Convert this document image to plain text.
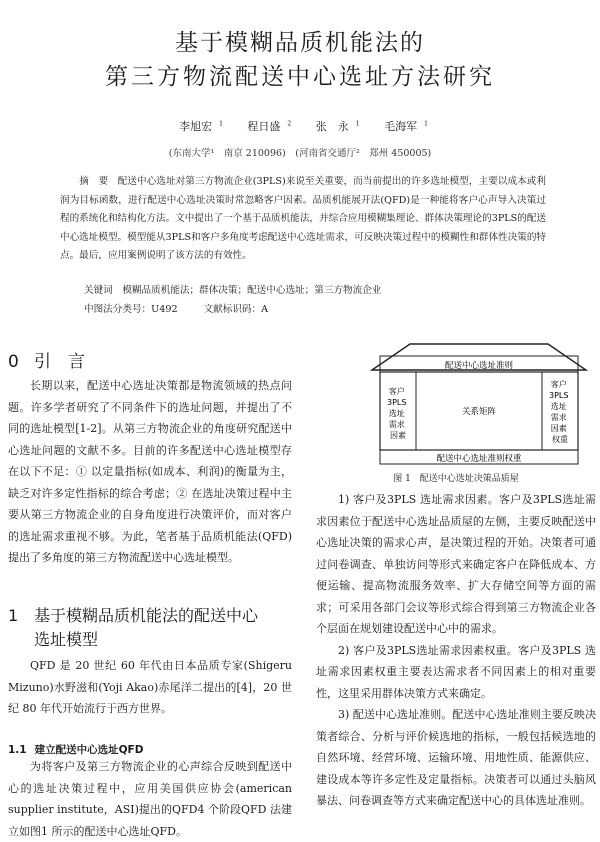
基于模糊品质机能法的
第三方物流配送中心选址方法研究
李旭宏 $^1$ 程日盛 $^2$ 张　永 $^1$ 毛海军 $^1$
(东南大学¹　南京 210096)　(河南省交通厅²　郑州 450005)
摘　要　配送中心选址对第三方物流企业(3PLS)来说至关重要，而当前提出的许多选址模型，主要以成本或利润为目标函数，进行配送中心选址决策时常忽略客户因素。品质机能展开法(QFD)是一种能将客户心声导入决策过程的系统化和结构化方法。文中提出了一个基于品质机能法，并综合应用模糊集理论、群体决策理论的3PLS的配送中心选址模型。模型能从3PLS和客户多角度考虑配送中心选址需求，可反映决策过程中的模糊性和群体性决策的特点。最后，应用案例说明了该方法的有效性。
关键词　模糊品质机能法；群体决策；配送中心选址；第三方物流企业
中图法分类号：U492	文献标识码：A
0 引　言

长期以来，配送中心选址决策都是物流领域的热点问题。许多学者研究了不同条件下的选址问题，并提出了不同的选址模型[1-2]。从第三方物流企业的角度研究配送中心选址问题的文献不多。目前的许多配送中心选址模型存在以下不足：① 以定量指标(如成本、利润)的衡量为主，缺乏对许多定性指标的综合考虑；② 在选址决策过程中主要从第三方物流企业的自身角度进行决策评价，而对客户的选址需求重视不够。为此，笔者基于品质机能法(QFD)提出了多角度的第三方物流配送中心选址模型。

1 基于模糊品质机能法的配送中心
选址模型

QFD 是 20 世纪 60 年代由日本品质专家(Shigeru Mizuno)水野滋和(Yoji Akao)赤尾洋二提出的[4]，20 世纪 80 年代开始流行于西方世界。

1.1 建立配送中心选址QFD

为将客户及第三方物流企业的心声综合反映到配送中心的选址决策过程中，应用美国供应协会(american supplier institute，ASI)提出的QFD4 个阶段QFD 法建立如图1 所示的配送中心选址QFD。

配送中心选址准则
客户 3PLS 选址 需求 因素
关系矩阵
客户 3PLS 选址 需求 因素 权重
配送中心选址准则权重
图 1　配送中心选址决策品质屋

1) 客户及3PLS 选址需求因素。客户及3PLS选址需求因素位于配送中心选址品质屋的左侧，主要反映配送中心选址决策的需求心声，是决策过程的开始。决策者可通过问卷调查、单独访问等形式来确定客户在降低成本、方便运输、提高物流服务效率、扩大存储空间等方面的需求；可采用各部门会议等形式综合得到第三方物流企业各个层面在规划建设配送中心中的需求。

2) 客户及3PLS选址需求因素权重。客户及3PLS 选址需求因素权重主要表达需求者不同因素上的相对重要性，这里采用群体决策方式来确定。

3) 配送中心选址准则。配送中心选址准则主要反映决策者综合、分析与评价候选地的指标，一般包括候选地的自然环境、经营环境、运输环境、用地性质、能源供应、建设成本等许多定性及定量指标。决策者可以通过头脑风暴法、问卷调查等方式来确定配送中心的具体选址准则。
